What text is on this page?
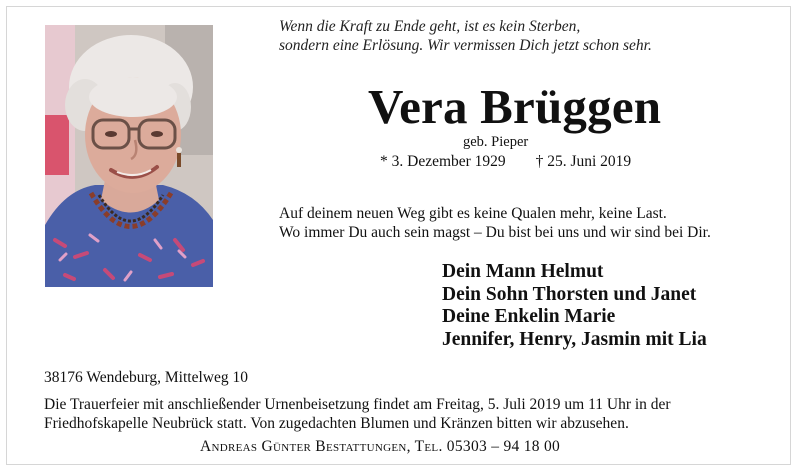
Wenn die Kraft zu Ende geht, ist es kein Sterben,
sondern eine Erlösung. Wir vermissen Dich jetzt schon sehr.
Vera Brüggen
geb. Pieper
* 3. Dezember 1929 † 25. Juni 2019
Auf deinem neuen Weg gibt es keine Qualen mehr, keine Last.
Wo immer Du auch sein magst – Du bist bei uns und wir sind bei Dir.
Dein Mann Helmut
Dein Sohn Thorsten und Janet
Deine Enkelin Marie
Jennifer, Henry, Jasmin mit Lia
38176 Wendeburg, Mittelweg 10
Die Trauerfeier mit anschließender Urnenbeisetzung findet am Freitag, 5. Juli 2019 um 11 Uhr in der
Friedhofskapelle Neubrück statt. Von zugedachten Blumen und Kränzen bitten wir abzusehen.
Andreas Günter Bestattungen, Tel. 05303 – 94 18 00
